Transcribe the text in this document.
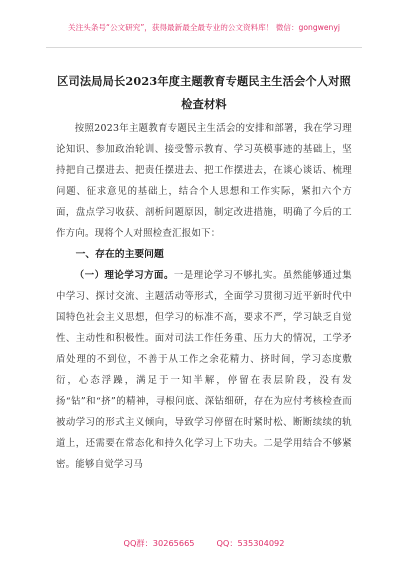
关注头条号“公文研究”，获得最新最全最专业的公文资料库！ 微信：gongwenyj
区司法局局长2023年度主题教育专题民主生活会个人对照
检查材料

按照2023年主题教育专题民主生活会的安排和部署，我在学习理论知识、参加政治轮训、接受警示教育、学习英模事迹的基础上，坚持把自己摆进去、把责任摆进去、把工作摆进去，在谈心谈话、梳理问题、征求意见的基础上，结合个人思想和工作实际，紧扣六个方面，盘点学习收获、剖析问题原因，制定改进措施，明确了今后的工作方向。现将个人对照检查汇报如下：

一、存在的主要问题

（一）理论学习方面。一是理论学习不够扎实。虽然能够通过集中学习、探讨交流、主题活动等形式，全面学习贯彻习近平新时代中国特色社会主义思想，但学习的标准不高，要求不严，学习缺乏自觉性、主动性和积极性。面对司法工作任务重、压力大的情况，工学矛盾处理的不到位，不善于从工作之余花精力、挤时间，学习态度敷衍，心态浮躁，满足于一知半解，停留在表层阶段，没有发扬“钻”和“挤”的精神，寻根问底、深钻细研，存在为应付考核检查而被动学习的形式主义倾向，导致学习停留在时紧时松、断断续续的轨道上，还需要在常态化和持久化学习上下功夫。二是学用结合不够紧密。能够自觉学习马

QQ群：30265665	QQ：535304092
